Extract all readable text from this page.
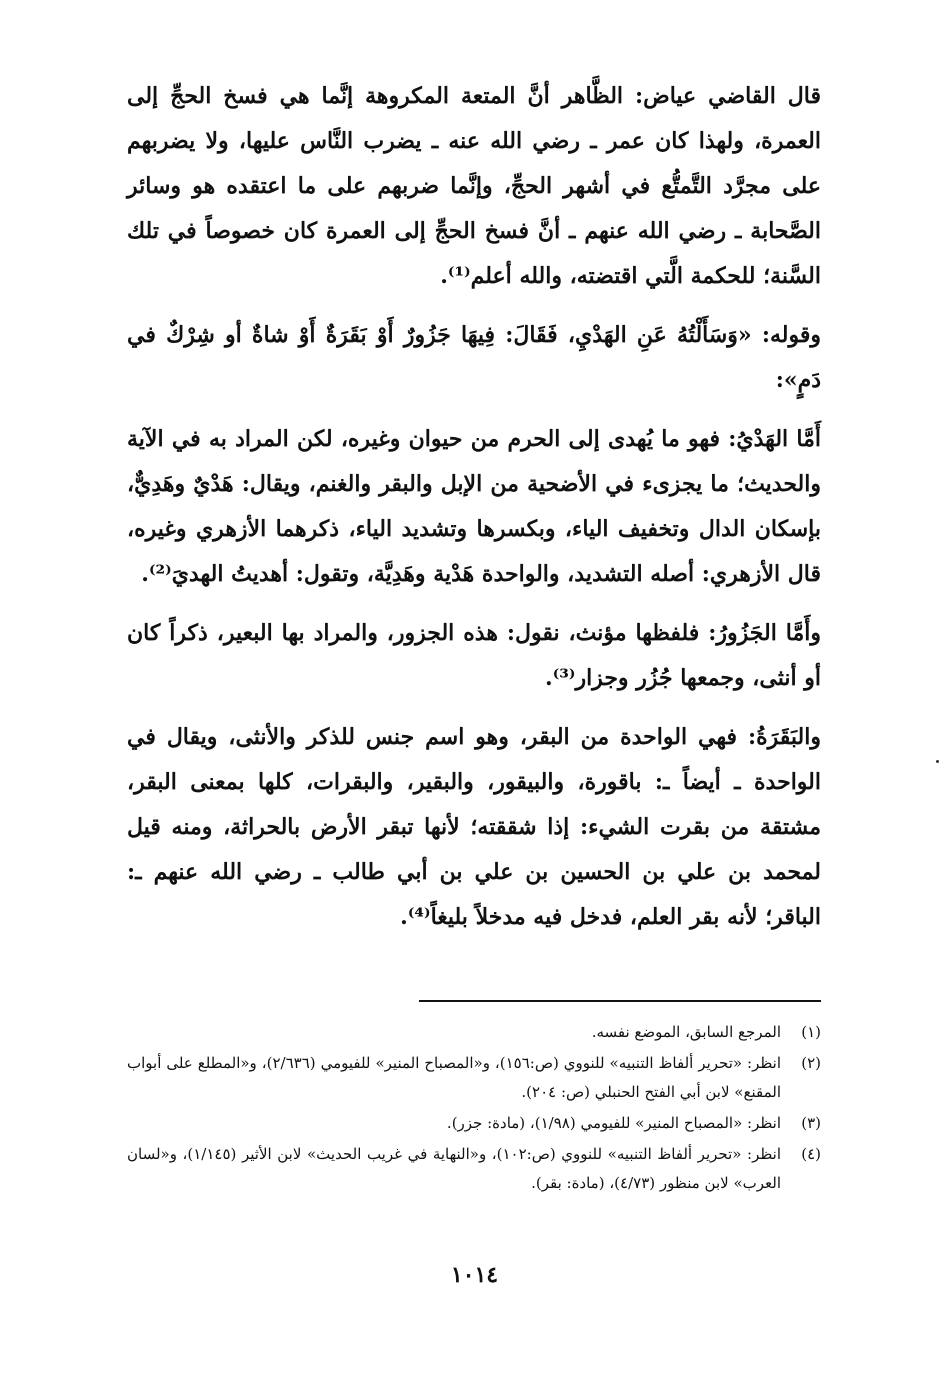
قال القاضي عياض: الظَّاهر أنَّ المتعة المكروهة إنَّما هي فسخ الحجِّ إلى العمرة، ولهذا كان عمر ـ رضي الله عنه ـ يضرب النَّاس عليها، ولا يضربهم على مجرَّد التَّمتُّع في أشهر الحجِّ، وإنَّما ضربهم على ما اعتقده هو وسائر الصَّحابة ـ رضي الله عنهم ـ أنَّ فسخ الحجِّ إلى العمرة كان خصوصاً في تلك السَّنة؛ للحكمة الَّتي اقتضته، والله أعلم⁽¹⁾.

وقوله: «وَسَأَلْتُهُ عَنِ الهَدْيِ، فَقَالَ: فِيهَا جَزُورٌ أَوْ بَقَرَةٌ أَوْ شاةٌ أو شِرْكٌ في دَمٍ»:

أَمَّا الهَدْيُ: فهو ما يُهدى إلى الحرم من حيوان وغيره، لكن المراد به في الآية والحديث؛ ما يجزىء في الأضحية من الإبل والبقر والغنم، ويقال: هَدْيٌ وهَدِيٌّ، بإسكان الدال وتخفيف الياء، وبكسرها وتشديد الياء، ذكرهما الأزهري وغيره، قال الأزهري: أصله التشديد، والواحدة هَدْية وهَدِيَّة، وتقول: أهديتُ الهديَ⁽²⁾.

وأَمَّا الجَزُورُ: فلفظها مؤنث، نقول: هذه الجزور، والمراد بها البعير، ذكراً كان أو أنثى، وجمعها جُزُر وجزار⁽³⁾.

والبَقَرَةُ: فهي الواحدة من البقر، وهو اسم جنس للذكر والأنثى، ويقال في الواحدة ـ أيضاً ـ: باقورة، والبيقور، والبقير، والبقرات، كلها بمعنى البقر، مشتقة من بقرت الشيء: إذا شققته؛ لأنها تبقر الأرض بالحراثة، ومنه قيل لمحمد بن علي بن الحسين بن علي بن أبي طالب ـ رضي الله عنهم ـ: الباقر؛ لأنه بقر العلم، فدخل فيه مدخلاً بليغاً⁽⁴⁾.

(١)
المرجع السابق، الموضع نفسه.
(٢)
انظر: «تحرير ألفاظ التنبيه» للنووي (ص:١٥٦)، و«المصباح المنير» للفيومي (٢/٦٣٦)، و«المطلع على أبواب المقنع» لابن أبي الفتح الحنبلي (ص: ٢٠٤).
(٣)
انظر: «المصباح المنير» للفيومي (١/٩٨)، (مادة: جزر).
(٤)
انظر: «تحرير ألفاظ التنبيه» للنووي (ص:١٠٢)، و«النهاية في غريب الحديث» لابن الأثير (١/١٤٥)، و«لسان العرب» لابن منظور (٤/٧٣)، (مادة: بقر).
١٠١٤
